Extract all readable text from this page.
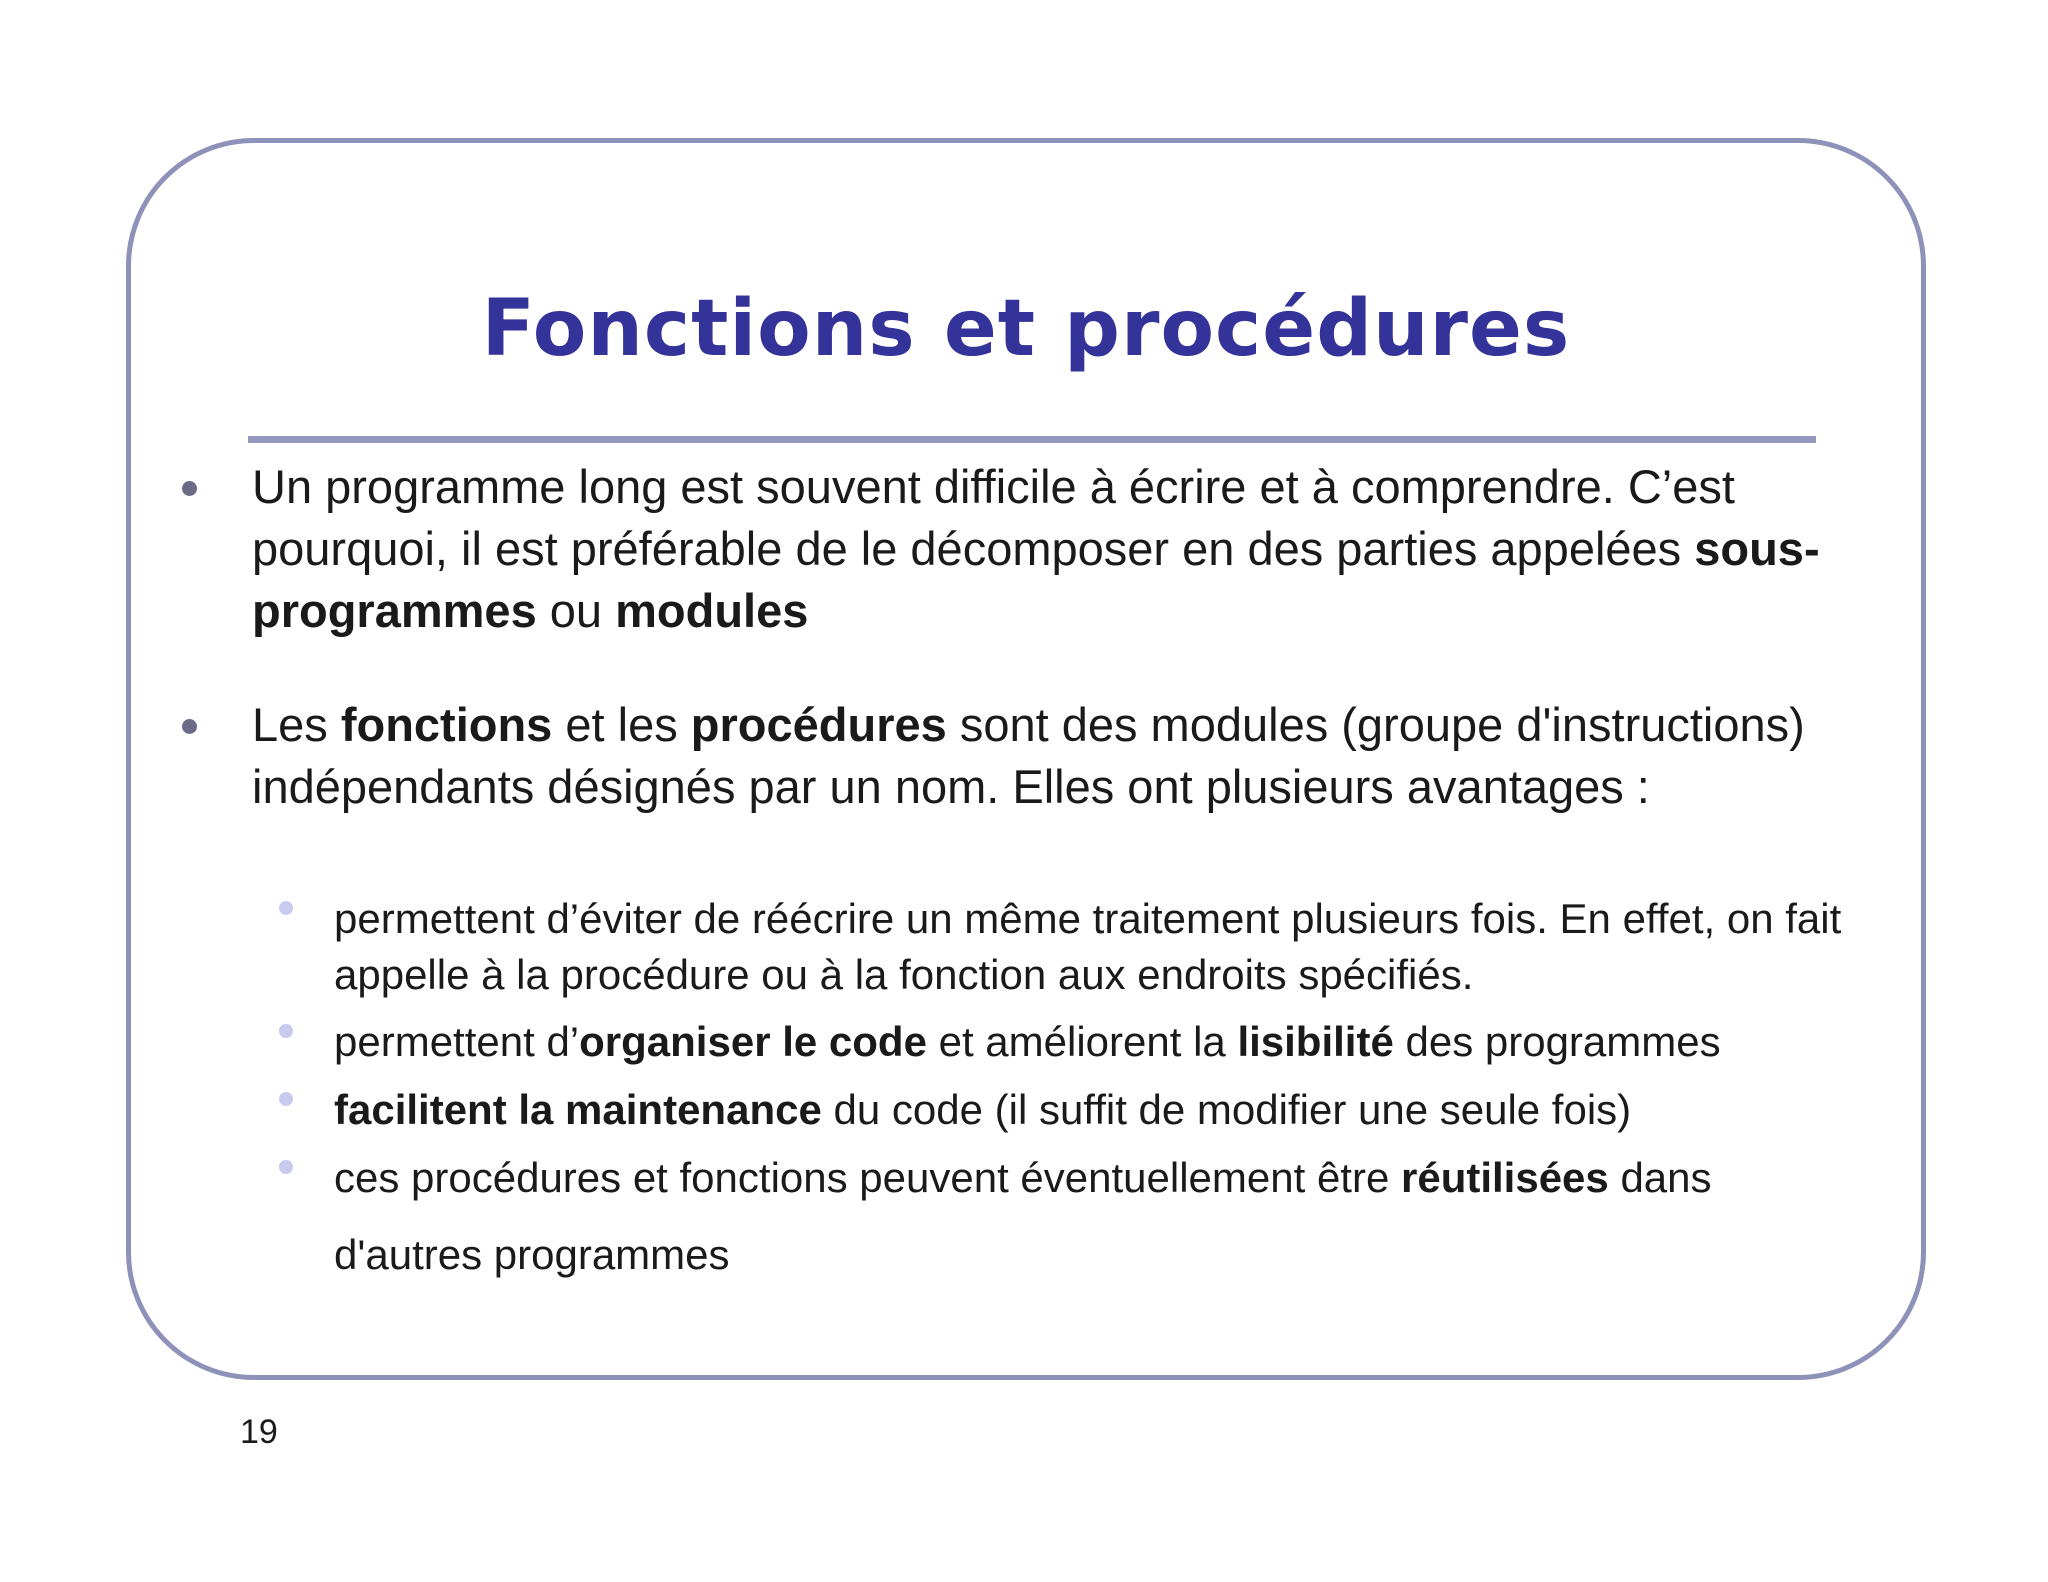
Fonctions et procédures
Un programme long est souvent difficile à écrire et à comprendre. C’est pourquoi, il est préférable de le décomposer en des parties appelées sous-programmes ou modules
Les fonctions et les procédures sont des modules (groupe d'instructions) indépendants désignés par un nom. Elles ont plusieurs avantages :
permettent d’éviter de réécrire un même traitement plusieurs fois. En effet, on fait appelle à la procédure ou à la fonction aux endroits spécifiés.
permettent d’organiser le code et améliorent la lisibilité des programmes
facilitent la maintenance du code (il suffit de modifier une seule fois)
ces procédures et fonctions peuvent éventuellement être réutilisées dans
d'autres programmes
19
